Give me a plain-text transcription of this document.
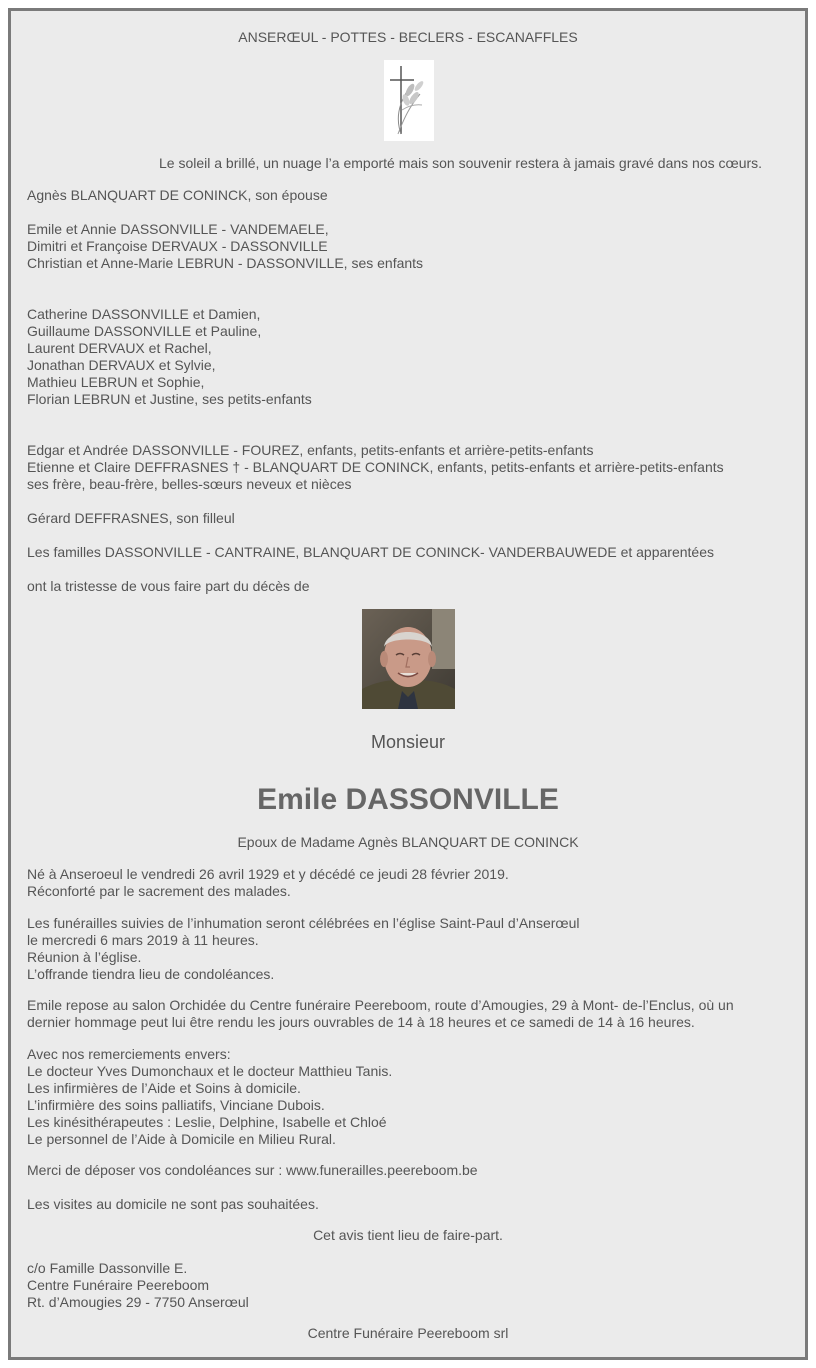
ANSERŒUL - POTTES - BECLERS - ESCANAFFLES
Le soleil a brillé, un nuage l’a emporté mais son souvenir restera à jamais gravé dans nos cœurs.
Agnès BLANQUART DE CONINCK, son épouse
Emile et Annie DASSONVILLE - VANDEMAELE,
Dimitri et Françoise DERVAUX - DASSONVILLE
Christian et Anne-Marie LEBRUN - DASSONVILLE, ses enfants
Catherine DASSONVILLE et Damien,
Guillaume DASSONVILLE et Pauline,
Laurent DERVAUX et Rachel,
Jonathan DERVAUX et Sylvie,
Mathieu LEBRUN et Sophie,
Florian LEBRUN et Justine, ses petits-enfants
Edgar et Andrée DASSONVILLE - FOUREZ, enfants, petits-enfants et arrière-petits-enfants
Etienne et Claire DEFFRASNES † - BLANQUART DE CONINCK, enfants, petits-enfants et arrière-petits-enfants
ses frère, beau-frère, belles-sœurs neveux et nièces
Gérard DEFFRASNES, son filleul
Les familles DASSONVILLE - CANTRAINE, BLANQUART DE CONINCK- VANDERBAUWEDE et apparentées
ont la tristesse de vous faire part du décès de
Monsieur
Emile DASSONVILLE
Epoux de Madame Agnès BLANQUART DE CONINCK
Né à Anseroeul le vendredi 26 avril 1929 et y décédé ce jeudi 28 février 2019.
Réconforté par le sacrement des malades.
Les funérailles suivies de l’inhumation seront célébrées en l’église Saint-Paul d’Anserœul
le mercredi 6 mars 2019 à 11 heures.
Réunion à l’église.
L’offrande tiendra lieu de condoléances.
Emile repose au salon Orchidée du Centre funéraire Peereboom, route d’Amougies, 29 à Mont- de-l’Enclus, où un
dernier hommage peut lui être rendu les jours ouvrables de 14 à 18 heures et ce samedi de 14 à 16 heures.
Avec nos remerciements envers:
Le docteur Yves Dumonchaux et le docteur Matthieu Tanis.
Les infirmières de l’Aide et Soins à domicile.
L’infirmière des soins palliatifs, Vinciane Dubois.
Les kinésithérapeutes : Leslie, Delphine, Isabelle et Chloé
Le personnel de l’Aide à Domicile en Milieu Rural.
Merci de déposer vos condoléances sur : www.funerailles.peereboom.be
Les visites au domicile ne sont pas souhaitées.
Cet avis tient lieu de faire-part.
c/o Famille Dassonville E.
Centre Funéraire Peereboom
Rt. d’Amougies 29 - 7750 Anserœul
Centre Funéraire Peereboom srl
